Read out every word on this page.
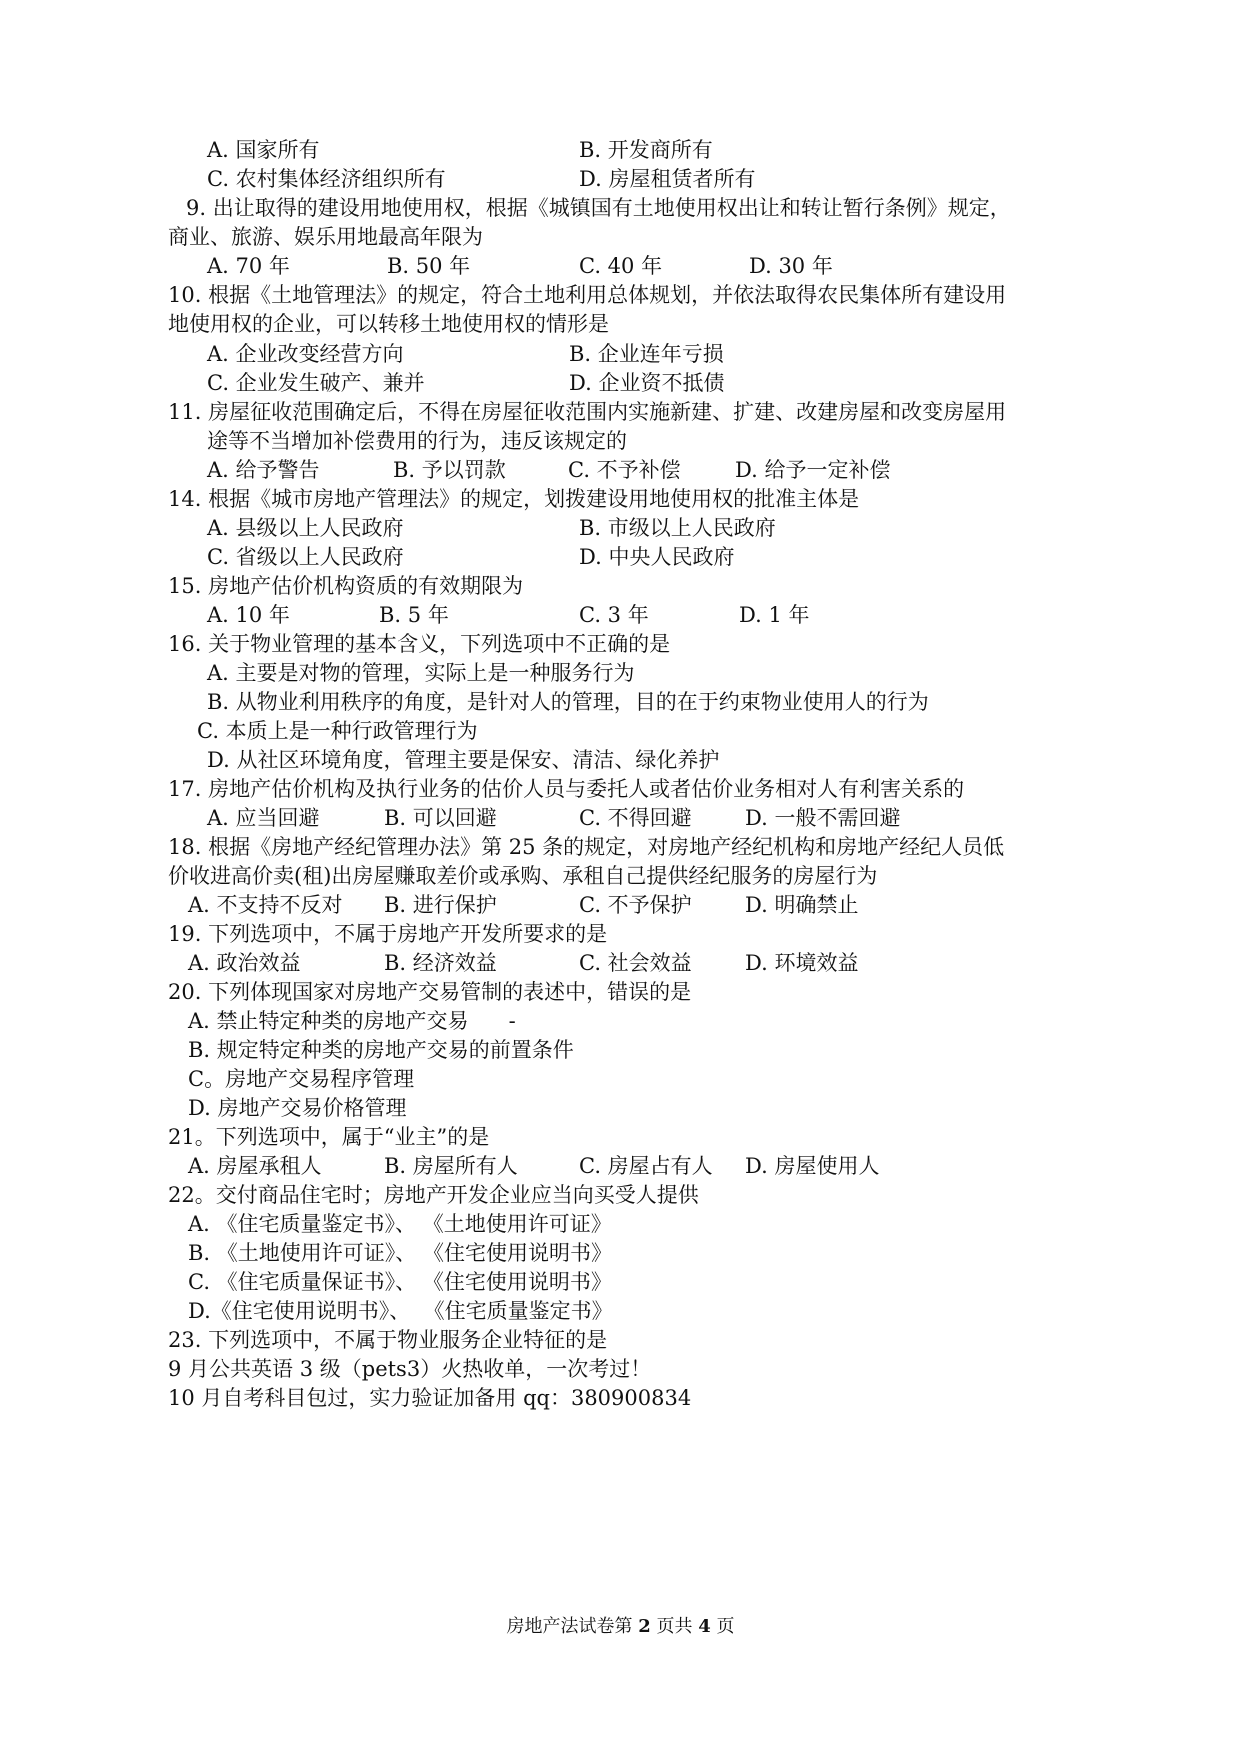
A. 国家所有	B. 开发商所有
C. 农村集体经济组织所有	D. 房屋租赁者所有
9. 出让取得的建设用地使用权，根据《城镇国有土地使用权出让和转让暂行条例》规定，
商业、旅游、娱乐用地最高年限为
A. 70 年	B. 50 年	C. 40 年	D. 30 年
10. 根据《土地管理法》的规定，符合土地利用总体规划，并依法取得农民集体所有建设用
地使用权的企业，可以转移土地使用权的情形是
A. 企业改变经营方向	B. 企业连年亏损
C. 企业发生破产、兼并	D. 企业资不抵债
11. 房屋征收范围确定后，不得在房屋征收范围内实施新建、扩建、改建房屋和改变房屋用
途等不当增加补偿费用的行为，违反该规定的
A. 给予警告	B. 予以罚款	C. 不予补偿	D. 给予一定补偿
14. 根据《城市房地产管理法》的规定，划拨建设用地使用权的批准主体是
A. 县级以上人民政府	B. 市级以上人民政府
C. 省级以上人民政府	D. 中央人民政府
15. 房地产估价机构资质的有效期限为
A. 10 年	B. 5 年	C. 3 年	D. 1 年
16. 关于物业管理的基本含义，下列选项中不正确的是
A. 主要是对物的管理，实际上是一种服务行为
B. 从物业利用秩序的角度，是针对人的管理，目的在于约束物业使用人的行为
C. 本质上是一种行政管理行为
D. 从社区环境角度，管理主要是保安、清洁、绿化养护
17. 房地产估价机构及执行业务的估价人员与委托人或者估价业务相对人有利害关系的
A. 应当回避	B. 可以回避	C. 不得回避	D. 一般不需回避
18. 根据《房地产经纪管理办法》第 25 条的规定，对房地产经纪机构和房地产经纪人员低
价收进高价卖(租)出房屋赚取差价或承购、承租自己提供经纪服务的房屋行为
A. 不支持不反对 B. 进行保护	C. 不予保护	D. 明确禁止
19. 下列选项中，不属于房地产开发所要求的是
A. 政治效益	B. 经济效益	C. 社会效益	D. 环境效益
20. 下列体现国家对房地产交易管制的表述中，错误的是
A. 禁止特定种类的房地产交易      -
B. 规定特定种类的房地产交易的前置条件
C。房地产交易程序管理
D. 房地产交易价格管理
21。下列选项中，属于“业主”的是
A. 房屋承租人	B. 房屋所有人	C. 房屋占有人 D. 房屋使用人
22。交付商品住宅时；房地产开发企业应当向买受人提供
A. 《住宅质量鉴定书》、 《土地使用许可证》
B. 《土地使用许可证》、 《住宅使用说明书》
C. 《住宅质量保证书》、 《住宅使用说明书》
D.《住宅使用说明书》、  《住宅质量鉴定书》
23. 下列选项中，不属于物业服务企业特征的是
9 月公共英语 3 级（pets3）火热收单，一次考过！
10 月自考科目包过，实力验证加备用 qq：380900834
房地产法试卷第 2 页共 4 页
